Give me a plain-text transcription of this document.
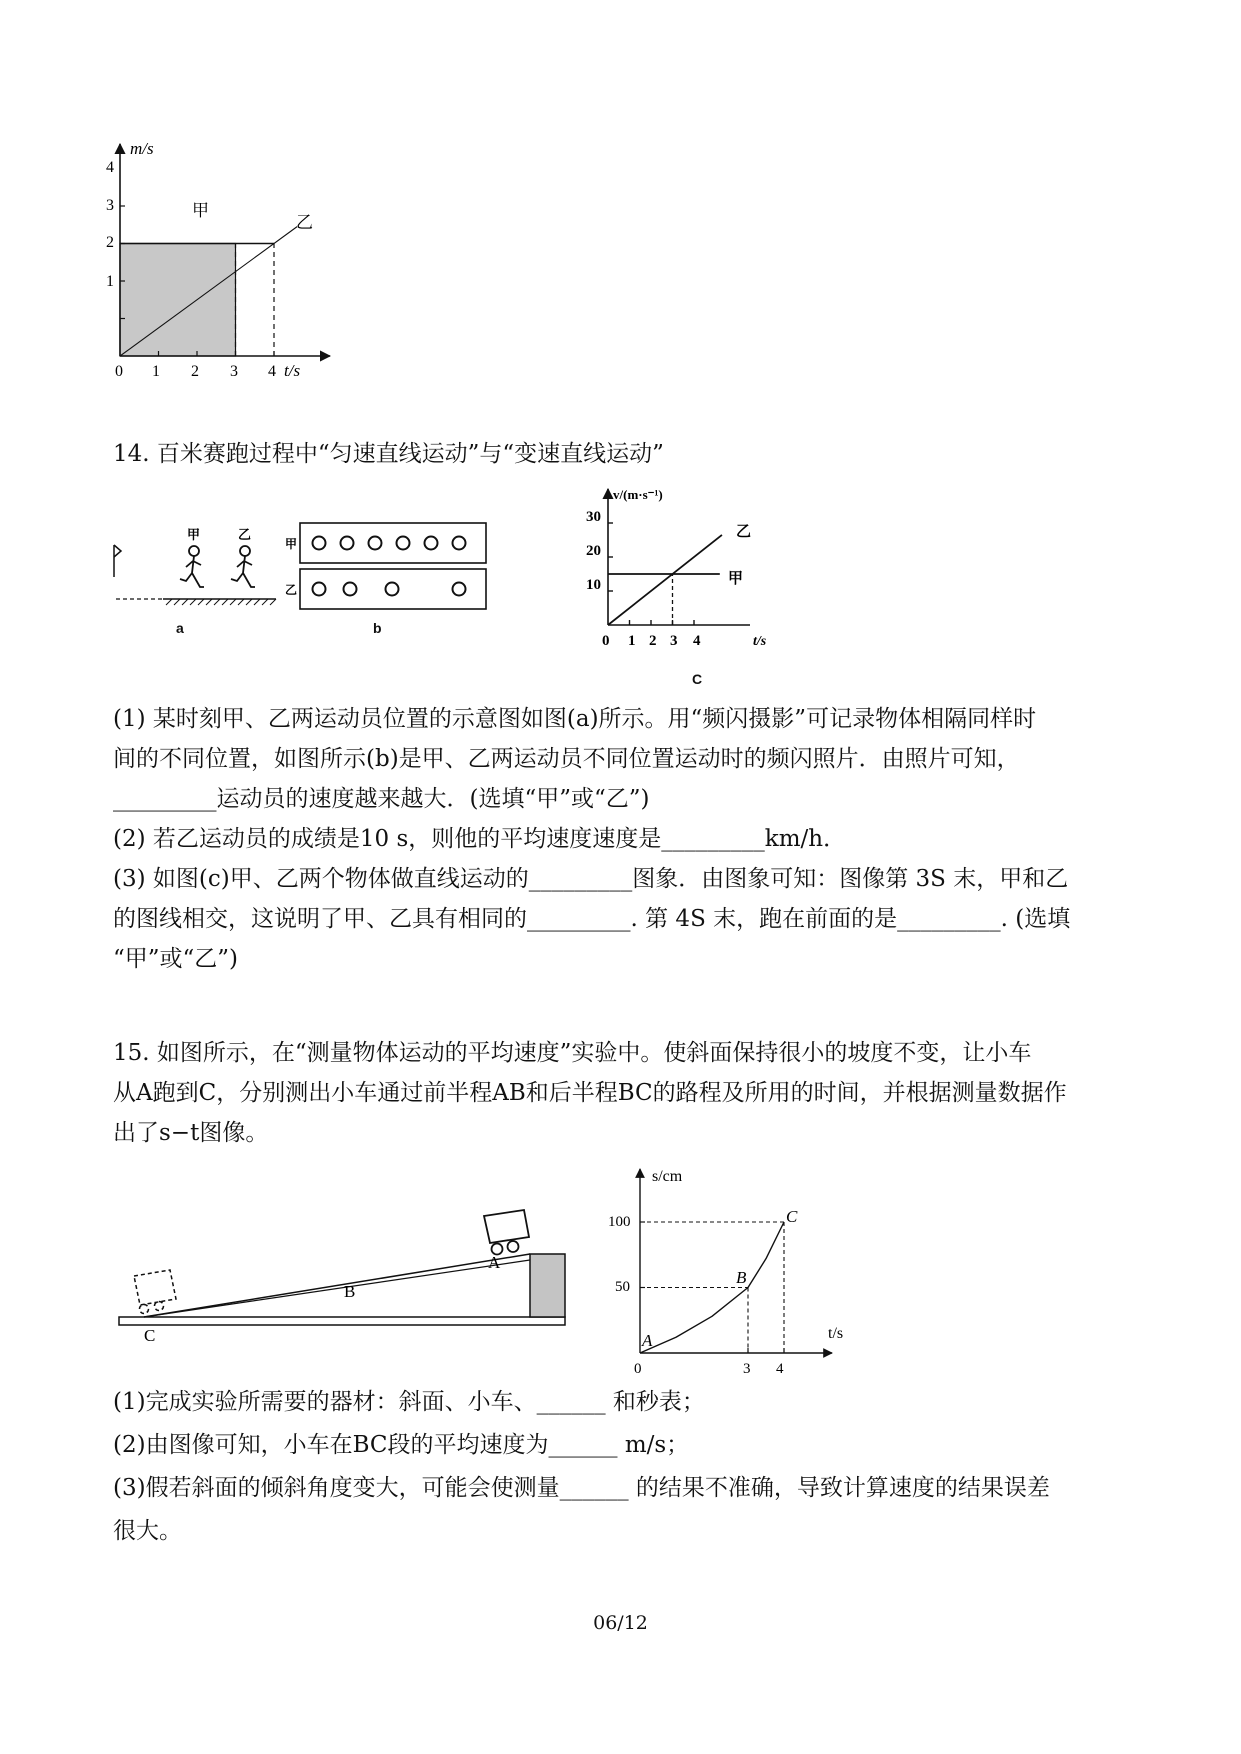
m/s
t/s
1
2
3
4
0 1 2 3 4
甲
乙
14. 百米赛跑过程中“匀速直线运动”与“变速直线运动”
甲	乙
a
甲
乙
b
v/(m·s⁻¹)
t/s
10
20
30
0 1 2 3 4
乙
甲
C
(1) 某时刻甲、乙两运动员位置的示意图如图(a)所示。用“频闪摄影”可记录物体相隔同样时
间的不同位置，如图所示(b)是甲、乙两运动员不同位置运动时的频闪照片．由照片可知，
_________运动员的速度越来越大．(选填“甲”或“乙”)
(2) 若乙运动员的成绩是10 s，则他的平均速度速度是_________km/h．
(3) 如图(c)甲、乙两个物体做直线运动的_________图象．由图象可知：图像第 3S 末，甲和乙
的图线相交，这说明了甲、乙具有相同的_________. 第 4S 末，跑在前面的是_________. (选填
“甲”或“乙”)
15. 如图所示，在“测量物体运动的平均速度”实验中。使斜面保持很小的坡度不变，让小车
从A跑到C，分别测出小车通过前半程AB和后半程BC的路程及所用的时间，并根据测量数据作
出了s−t图像。
A
B
C
s/cm
t/s
100
50
0	3 4
A
B
C
(1)完成实验所需要的器材：斜面、小车、______ 和秒表；
(2)由图像可知，小车在BC段的平均速度为______ m/s；
(3)假若斜面的倾斜角度变大，可能会使测量______ 的结果不准确，导致计算速度的结果误差
很大。
06/12
